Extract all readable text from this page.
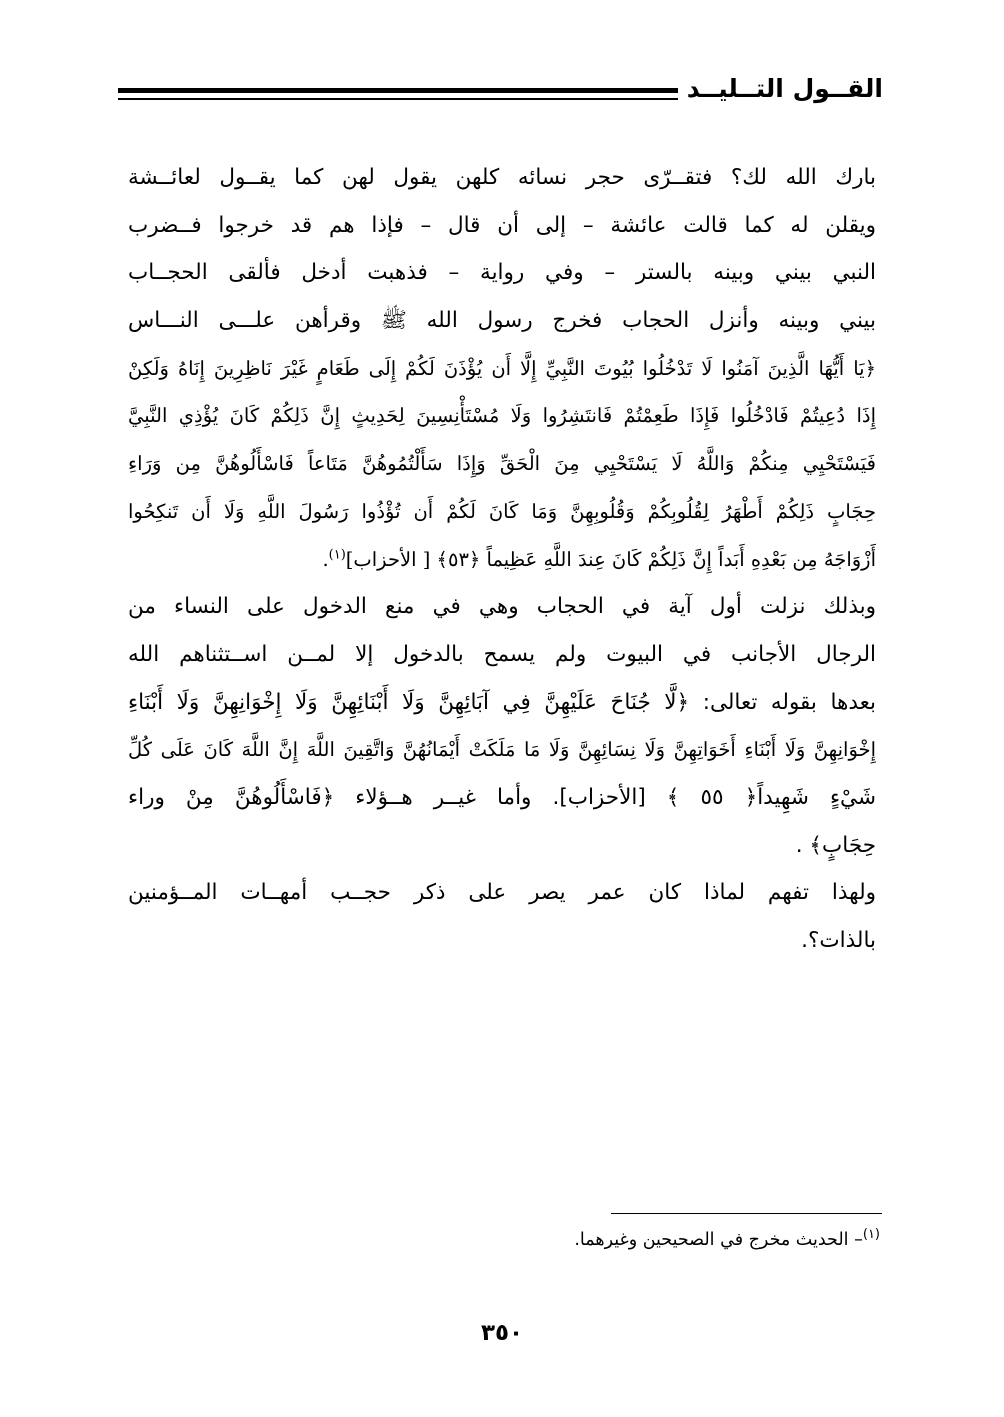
القــول التــليــد
بارك الله لك؟ فتقــرّى حجر نسائه كلهن يقول لهن كما يقــول لعائــشة
ويقلن له كما قالت عائشة – إلى أن قال – فإذا هم قد خرجوا فــضرب
النبي بيني وبينه بالستر – وفي رواية – فذهبت أدخل فألقى الحجــاب
بيني وبينه وأنزل الحجاب فخرج رسول الله ﷺ وقرأهن علـــى النـــاس
﴿يَا أَيُّهَا الَّذِينَ آمَنُوا لَا تَدْخُلُوا بُيُوتَ النَّبِيِّ إِلَّا أَن يُؤْذَنَ لَكُمْ إِلَى طَعَامٍ غَيْرَ نَاظِرِينَ إِنَاهُ وَلَكِنْ
إِذَا دُعِيتُمْ فَادْخُلُوا فَإِذَا طَعِمْتُمْ فَانتَشِرُوا وَلَا مُسْتَأْنِسِينَ لِحَدِيثٍ إِنَّ ذَلِكُمْ كَانَ يُؤْذِي النَّبِيَّ
فَيَسْتَحْيِي مِنكُمْ وَاللَّهُ لَا يَسْتَحْيِي مِنَ الْحَقِّ وَإِذَا سَأَلْتُمُوهُنَّ مَتَاعاً فَاسْأَلُوهُنَّ مِن وَرَاءِ
حِجَابٍ ذَلِكُمْ أَطْهَرُ لِقُلُوبِكُمْ وَقُلُوبِهِنَّ وَمَا كَانَ لَكُمْ أَن تُؤْذُوا رَسُولَ اللَّهِ وَلَا أَن تَنكِحُوا
أَزْوَاجَهُ مِن بَعْدِهِ أَبَداً إِنَّ ذَلِكُمْ كَانَ عِندَ اللَّهِ عَظِيماً ﴿٥٣﴾ [ الأحزاب]$^{(١)}$.
وبذلك نزلت أول آية في الحجاب وهي في منع الدخول على النساء من
الرجال الأجانب في البيوت ولم يسمح بالدخول إلا لمــن اســتثناهم الله
بعدها بقوله تعالى: ﴿لَّا جُنَاحَ عَلَيْهِنَّ فِي آبَائِهِنَّ وَلَا أَبْنَائِهِنَّ وَلَا إِخْوَانِهِنَّ وَلَا أَبْنَاءِ
إِخْوَانِهِنَّ وَلَا أَبْنَاءِ أَخَوَاتِهِنَّ وَلَا نِسَائِهِنَّ وَلَا مَا مَلَكَتْ أَيْمَانُهُنَّ وَاتَّقِينَ اللَّهَ إِنَّ اللَّهَ كَانَ عَلَى كُلِّ
شَيْءٍ شَهِيداً﴿ ٥٥ ﴾ [الأحزاب]. وأما غيــر هــؤلاء ﴿فَاسْأَلُوهُنَّ مِنْ وراء
حِجَابٍ﴾ .
ولهذا تفهم لماذا كان عمر يصر على ذكر حجــب أمهــات المــؤمنين
بالذات؟.
$^{(١)}$– الحديث مخرج في الصحيحين وغيرهما.
٣٥٠
